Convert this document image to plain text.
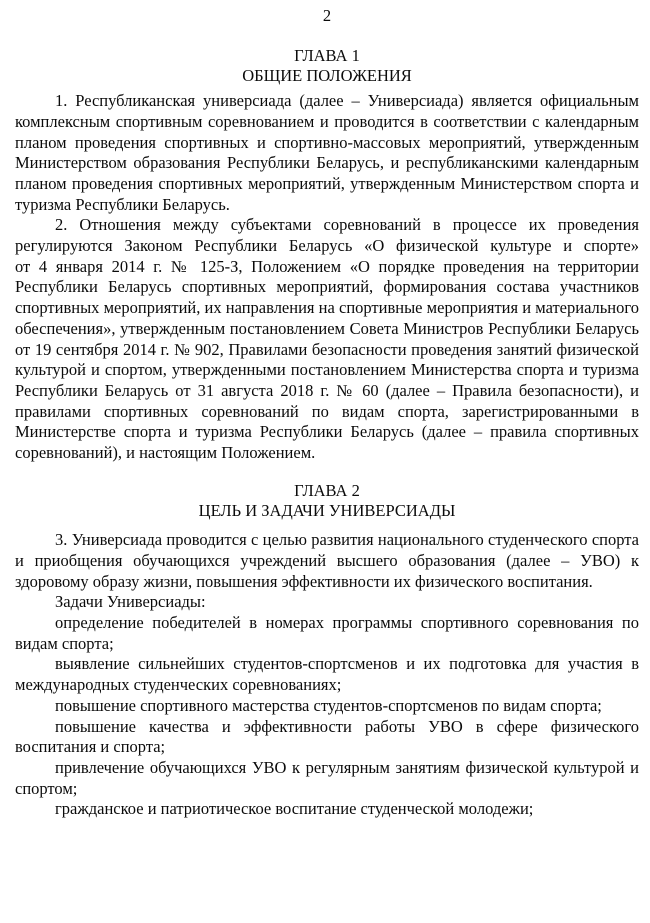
2
ГЛАВА 1
ОБЩИЕ ПОЛОЖЕНИЯ

1. Республиканская универсиада (далее – Универсиада) является официальным комплексным спортивным соревнованием и проводится в соответствии с календарным планом проведения спортивных и спортивно-массовых мероприятий, утвержденным Министерством образования Республики Беларусь, и республиканскими календарным планом проведения спортивных мероприятий, утвержденным Министерством спорта и туризма Республики Беларусь.

2. Отношения между субъектами соревнований в процессе их проведения регулируются Законом Республики Беларусь «О физической культуре и спорте» от 4 января 2014 г. № 125-З, Положением «О порядке проведения на территории Республики Беларусь спортивных мероприятий, формирования состава участников спортивных мероприятий, их направления на спортивные мероприятия и материального обеспечения», утвержденным постановлением Совета Министров Республики Беларусь от 19 сентября 2014 г. № 902, Правилами безопасности проведения занятий физической культурой и спортом, утвержденными постановлением Министерства спорта и туризма Республики Беларусь от 31 августа 2018 г. № 60 (далее – Правила безопасности), и правилами спортивных соревнований по видам спорта, зарегистрированными в Министерстве спорта и туризма Республики Беларусь (далее – правила спортивных соревнований), и настоящим Положением.

ГЛАВА 2
ЦЕЛЬ И ЗАДАЧИ УНИВЕРСИАДЫ

3. Универсиада проводится с целью развития национального студенческого спорта и приобщения обучающихся учреждений высшего образования (далее – УВО) к здоровому образу жизни, повышения эффективности их физического воспитания.

Задачи Универсиады:

определение победителей в номерах программы спортивного соревнования по видам спорта;

выявление сильнейших студентов-спортсменов и их подготовка для участия в международных студенческих соревнованиях;

повышение спортивного мастерства студентов-спортсменов по видам спорта;

повышение качества и эффективности работы УВО в сфере физического воспитания и спорта;

привлечение обучающихся УВО к регулярным занятиям физической культурой и спортом;

гражданское и патриотическое воспитание студенческой молодежи;
